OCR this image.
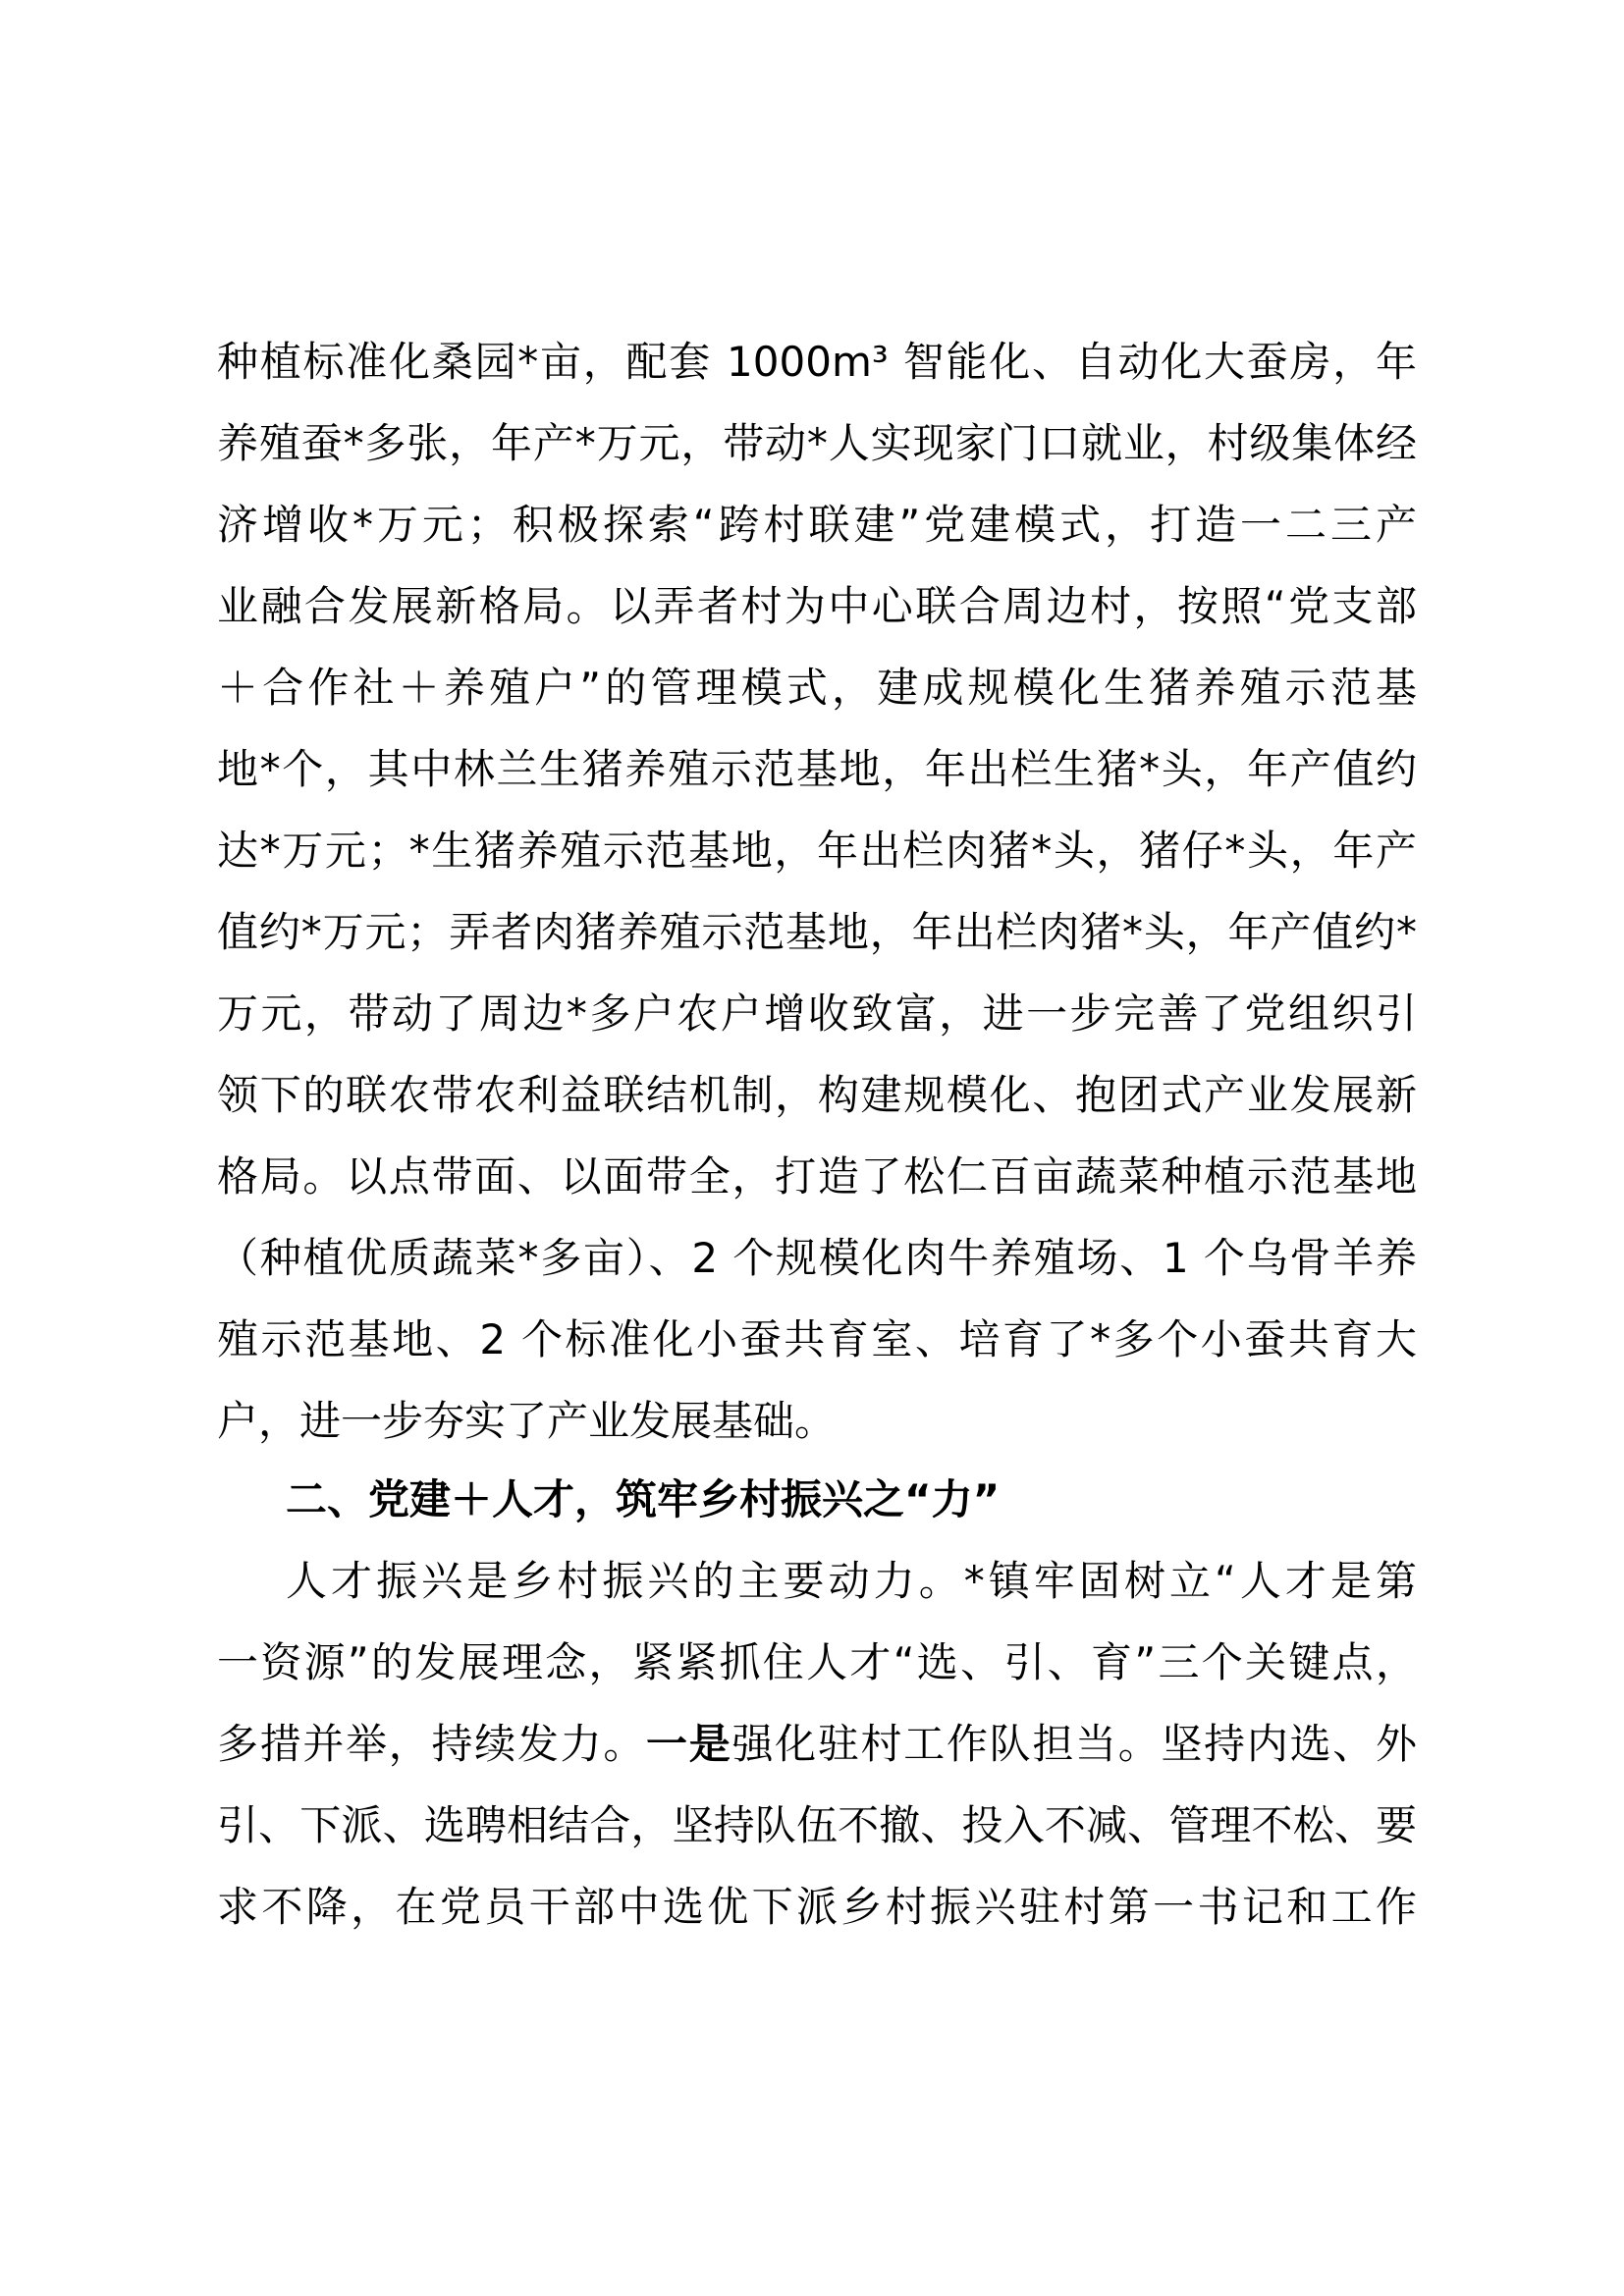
种植标准化桑园*亩，配套 1000m³ 智能化、自动化大蚕房，年
养殖蚕*多张，年产*万元，带动*人实现家门口就业，村级集体经
济增收*万元；积极探索“跨村联建”党建模式，打造一二三产
业融合发展新格局。以弄者村为中心联合周边村，按照“党支部
＋合作社＋养殖户”的管理模式，建成规模化生猪养殖示范基
地*个，其中林兰生猪养殖示范基地，年出栏生猪*头，年产值约
达*万元；*生猪养殖示范基地，年出栏肉猪*头，猪仔*头，年产
值约*万元；弄者肉猪养殖示范基地，年出栏肉猪*头，年产值约*
万元，带动了周边*多户农户增收致富，进一步完善了党组织引
领下的联农带农利益联结机制，构建规模化、抱团式产业发展新
格局。以点带面、以面带全，打造了松仁百亩蔬菜种植示范基地
（种植优质蔬菜*多亩）、2 个规模化肉牛养殖场、1 个乌骨羊养
殖示范基地、2 个标准化小蚕共育室、培育了*多个小蚕共育大
户，进一步夯实了产业发展基础。
二、党建＋人才，筑牢乡村振兴之“力”
人才振兴是乡村振兴的主要动力。*镇牢固树立“人才是第
一资源”的发展理念，紧紧抓住人才“选、引、育”三个关键点，
多措并举，持续发力。一是强化驻村工作队担当。坚持内选、外
引、下派、选聘相结合，坚持队伍不撤、投入不减、管理不松、要
求不降，在党员干部中选优下派乡村振兴驻村第一书记和工作
